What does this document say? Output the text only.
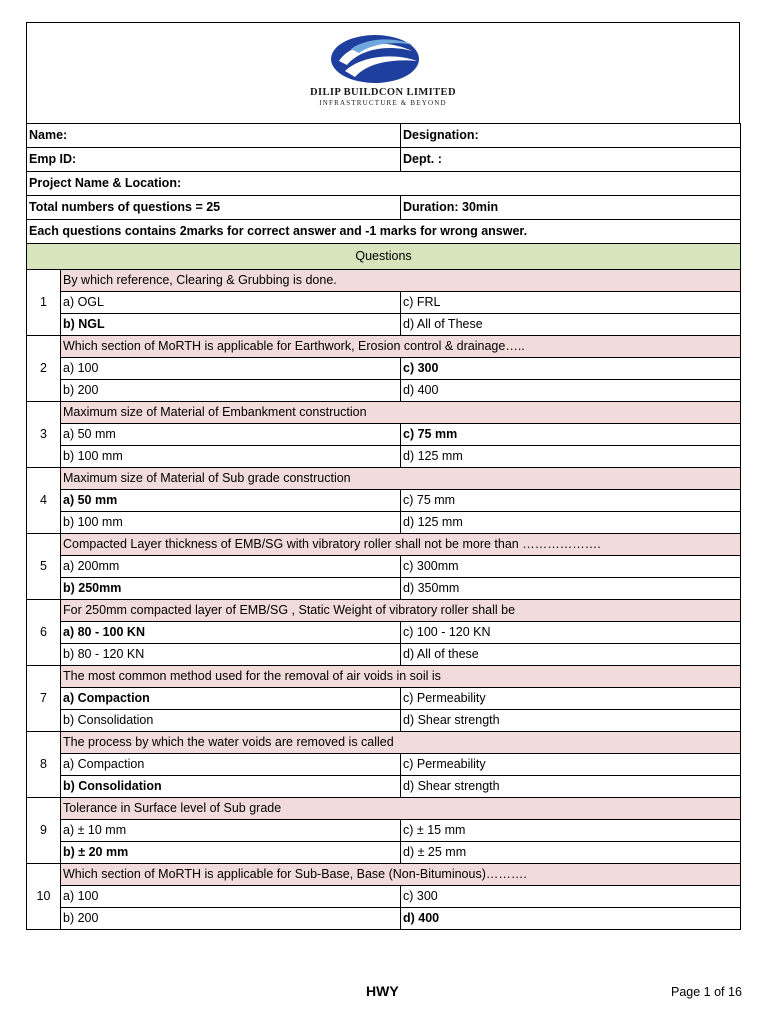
DILIP BUILDCON LIMITED
INFRASTRUCTURE & BEYOND
Name:		Designation:
Emp ID:		Dept. :
Project Name & Location:		
Total numbers of questions = 25		Duration: 30min
Each questions contains 2marks for correct answer and -1 marks for wrong answer.		
Questions		
1	By which reference, Clearing & Grubbing is done.	
	a) OGL	c) FRL
	b) NGL	d) All of These
2	Which section of MoRTH is applicable for Earthwork, Erosion control & drainage…..	
	a) 100	c) 300
	b) 200	d) 400
3	Maximum size of Material of Embankment construction	
	a) 50 mm	c) 75 mm
	b) 100 mm	d) 125 mm
4	Maximum size of Material of Sub grade construction	
	a) 50 mm	c) 75 mm
	b) 100 mm	d) 125 mm
5	Compacted Layer thickness of EMB/SG with vibratory roller shall not be more than ……………….	
	a) 200mm	c) 300mm
	b) 250mm	d) 350mm
6	For 250mm compacted layer of EMB/SG , Static Weight of vibratory roller shall be	
	a) 80 - 100 KN	c) 100 - 120 KN
	b) 80 - 120 KN	d) All of these
7	The most common method used for the removal of air voids in soil is	
	a) Compaction	c) Permeability
	b) Consolidation	d) Shear strength
8	The process by which the water voids are removed is called	
	a) Compaction	c) Permeability
	b) Consolidation	d) Shear strength
9	Tolerance in Surface level of Sub grade	
	a) ± 10 mm	c) ± 15 mm
	b) ± 20 mm	d) ± 25 mm
10	Which section of MoRTH is applicable for Sub-Base, Base (Non-Bituminous)……….	
	a) 100	c) 300
	b) 200	d) 400
HWY	Page 1 of 16
